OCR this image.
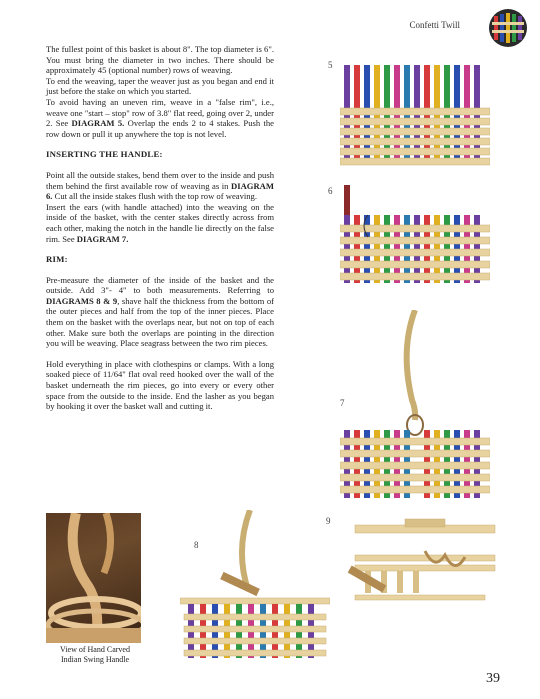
Confetti Twill

The fullest point of this basket is about 8". The top diameter is 6". You must bring the diameter in two inches. There should be approximately 45 (optional number) rows of weaving.

To end the weaving, taper the weaver just as you began and end it just before the stake on which you started.

To avoid having an uneven rim, weave in a "false rim", i.e., weave one "start – stop" row of 3.8" flat reed, going over 2, under 2. See DIAGRAM 5. Overlap the ends 2 to 4 stakes. Push the row down or pull it up anywhere the top is not level.

INSERTING THE HANDLE:

Point all the outside stakes, bend them over to the inside and push them behind the first available row of weaving as in DIAGRAM 6. Cut all the inside stakes flush with the top row of weaving.

Insert the ears (with handle attached) into the weaving on the inside of the basket, with the center stakes directly across from each other, making the notch in the handle lie directly on the false rim. See DIAGRAM 7.

RIM:

Pre-measure the diameter of the inside of the basket and the outside. Add 3"- 4" to both measurements. Referring to DIAGRAMS 8 & 9, shave half the thickness from the bottom of the outer pieces and half from the top of the inner pieces. Place them on the basket with the overlaps near, but not on top of each other. Make sure both the overlaps are pointing in the direction you will be weaving. Place seagrass between the two rim pieces.

Hold everything in place with clothespins or clamps. With a long soaked piece of 11/64" flat oval reed hooked over the wall of the basket underneath the rim pieces, go into every or every other space from the outside to the inside. End the lasher as you began by hooking it over the basket wall and cutting it.

View of Hand Carved
Indian Swing Handle
5
6
7
8
9
39
